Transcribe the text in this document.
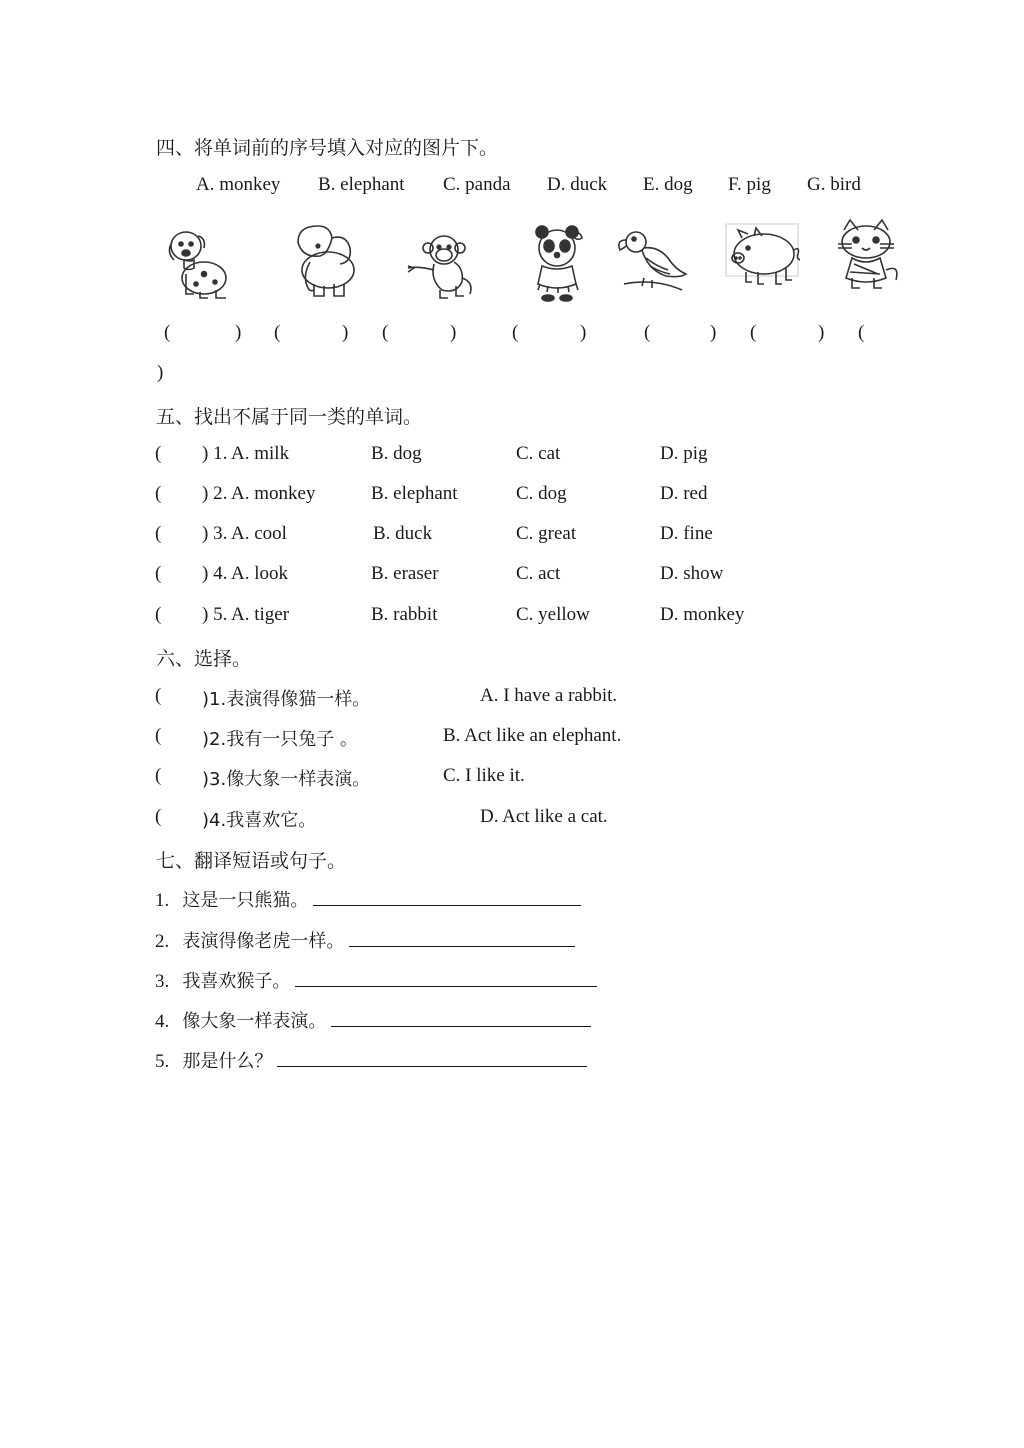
四、将单词前的序号填入对应的图片下。
A. monkey B. elephant C. panda D. duck E. dog F. pig G. bird
(	) (	) (	)	(	)	(	) (	) (
)
五、找出不属于同一类的单词。
( ) 1. A. milk	B. dog	C. cat	D. pig
( ) 2. A. monkey	B. elephant	C. dog	D. red
( ) 3. A. cool	B. duck	C. great	D. fine
( ) 4. A. look	B. eraser	C. act	D. show
( ) 5. A. tiger	B. rabbit	C. yellow	D. monkey
六、选择。
( )1.表演得像猫一样。	A. I have a rabbit.
( )2.我有一只兔子 。	B. Act like an elephant.
( )3.像大象一样表演。	C. I like it.
( )4.我喜欢它。	D. Act like a cat.
七、翻译短语或句子。
1. 这是一只熊猫。
2. 表演得像老虎一样。
3. 我喜欢猴子。
4. 像大象一样表演。
5. 那是什么？
